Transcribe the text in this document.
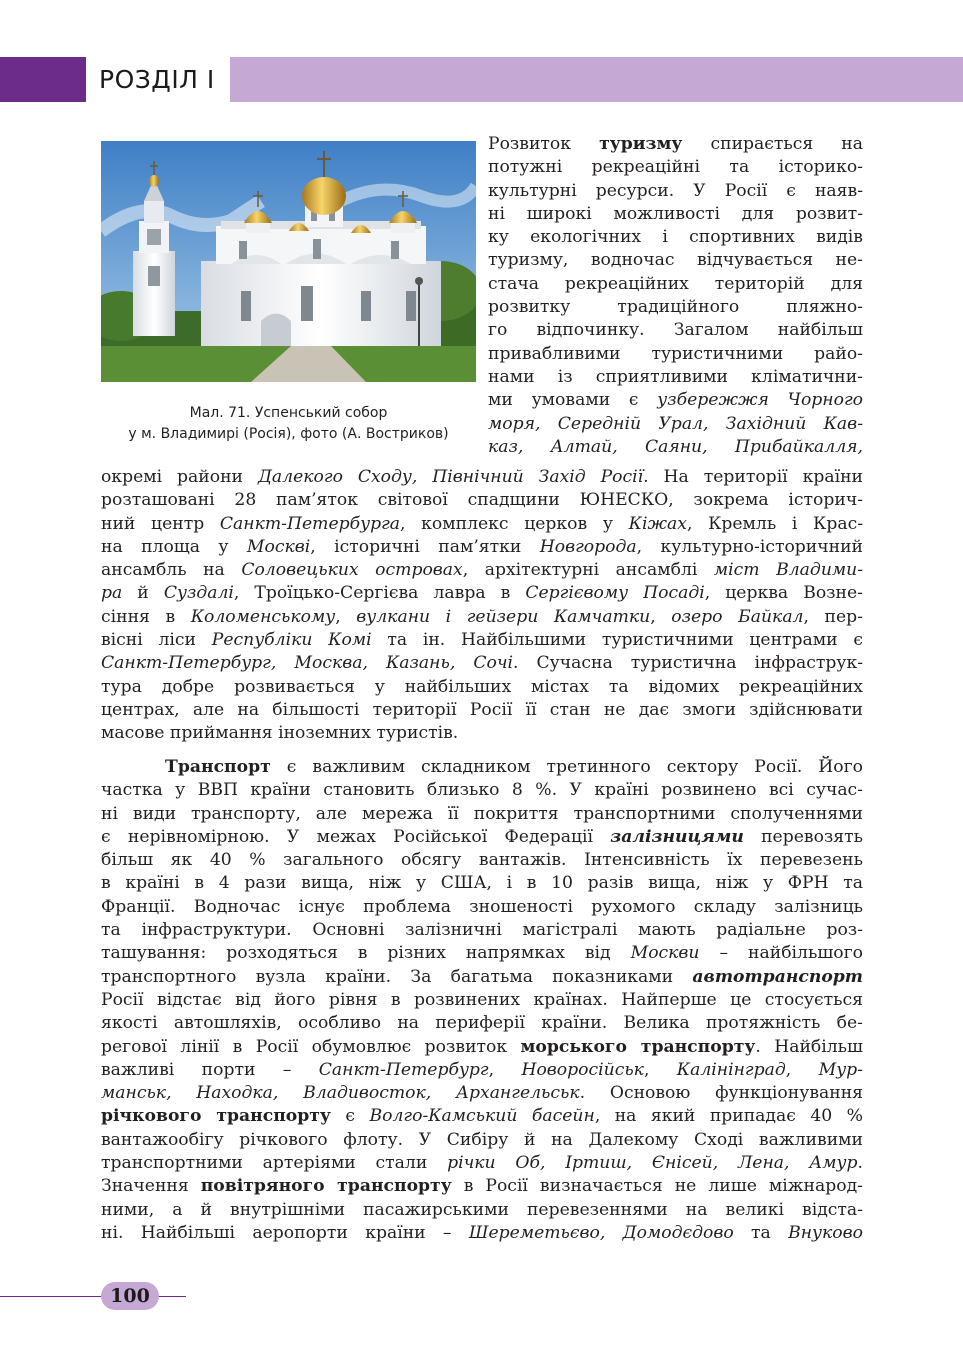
РОЗДІЛ І
Мал. 71. Успенський собор
у м. Владимирі (Росія), фото (А. Востриков)
Розвиток туризму спирається на
потужні рекреаційні та історико-
культурні ресурси. У Росії є наяв-
ні широкі можливості для розвит-
ку екологічних і спортивних видів
туризму, водночас відчувається не-
стача рекреаційних територій для
розвитку традиційного пляжно-
го відпочинку. Загалом найбільш
привабливими туристичними райо-
нами із сприятливими кліматични-
ми умовами є узбережжя Чорного
моря, Середній Урал, Західний Кав-
каз, Алтай, Саяни, Прибайкалля,
окремі райони Далекого Сходу, Північний Захід Росії. На території країни
розташовані 28 пам’яток світової спадщини ЮНЕСКО, зокрема історич-
ний центр Санкт-Петербурга, комплекс церков у Кіжах, Кремль і Крас-
на площа у Москві, історичні пам’ятки Новгорода, культурно-історичний
ансамбль на Соловецьких островах, архітектурні ансамблі міст Владими-
ра й Суздалі, Троїцько-Сергієва лавра в Сергієвому Посаді, церква Возне-
сіння в Коломенському, вулкани і гейзери Камчатки, озеро Байкал, пер-
вісні ліси Республіки Комі та ін. Найбільшими туристичними центрами є
Санкт-Петербург, Москва, Казань, Сочі. Сучасна туристична інфраструк-
тура добре розвивається у найбільших містах та відомих рекреаційних
центрах, але на більшості території Росії її стан не дає змоги здійснювати
масове приймання іноземних туристів.
Транспорт є важливим складником третинного сектору Росії. Його
частка у ВВП країни становить близько 8 %. У країні розвинено всі сучас-
ні види транспорту, але мережа її покриття транспортними сполученнями
є нерівномірною. У межах Російської Федерації залізницями перевозять
більш як 40 % загального обсягу вантажів. Інтенсивність їх перевезень
в країні в 4 рази вища, ніж у США, і в 10 разів вища, ніж у ФРН та
Франції. Водночас існує проблема зношеності рухомого складу залізниць
та інфраструктури. Основні залізничні магістралі мають радіальне роз-
ташування: розходяться в різних напрямках від Москви – найбільшого
транспортного вузла країни. За багатьма показниками автотранспорт
Росії відстає від його рівня в розвинених країнах. Найперше це стосується
якості автошляхів, особливо на периферії країни. Велика протяжність бе-
регової лінії в Росії обумовлює розвиток морського транспорту. Найбільш
важливі порти – Санкт-Петербург, Новоросійськ, Калінінград, Мур-
манськ, Находка, Владивосток, Архангельськ. Основою функціонування
річкового транспорту є Волго-Камський басейн, на який припадає 40 %
вантажообігу річкового флоту. У Сибіру й на Далекому Сході важливими
транспортними артеріями стали річки Об, Іртиш, Єнісей, Лена, Амур.
Значення повітряного транспорту в Росії визначається не лише міжнарод-
ними, а й внутрішніми пасажирськими перевезеннями на великі відста-
ні. Найбільші аеропорти країни – Шереметьєво, Домодєдово та Внуково
100
